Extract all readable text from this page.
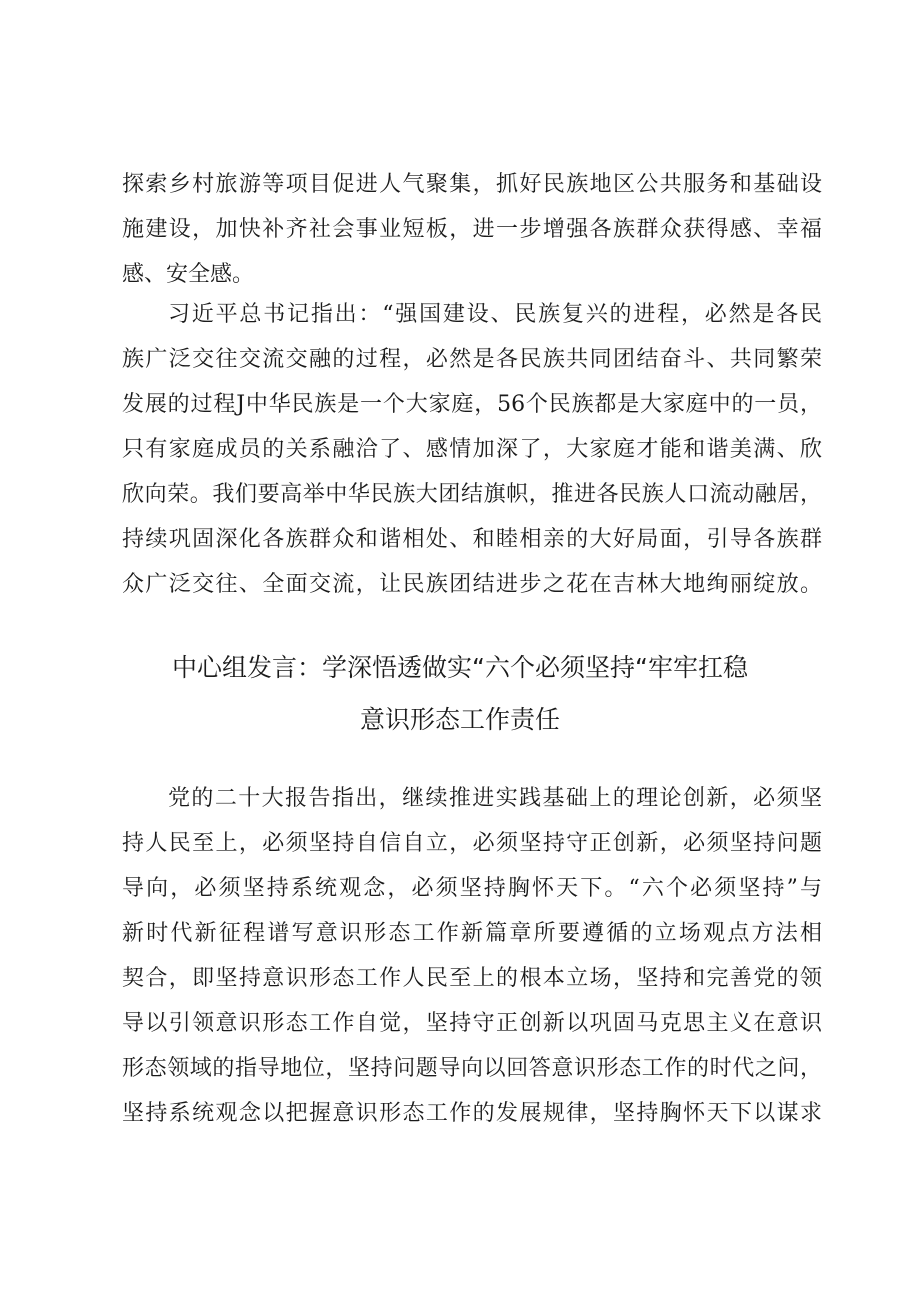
探索乡村旅游等项目促进人气聚集，抓好民族地区公共服务和基础设
施建设，加快补齐社会事业短板，进一步增强各族群众获得感、幸福
感、安全感。

习近平总书记指出：“强国建设、民族复兴的进程，必然是各民
族广泛交往交流交融的过程，必然是各民族共同团结奋斗、共同繁荣
发展的过程J中华民族是一个大家庭，56个民族都是大家庭中的一员，
只有家庭成员的关系融洽了、感情加深了，大家庭才能和谐美满、欣
欣向荣。我们要高举中华民族大团结旗帜，推进各民族人口流动融居，
持续巩固深化各族群众和谐相处、和睦相亲的大好局面，引导各族群
众广泛交往、全面交流，让民族团结进步之花在吉林大地绚丽绽放。

中心组发言：学深悟透做实“六个必须坚持“牢牢扛稳
意识形态工作责任

党的二十大报告指出，继续推进实践基础上的理论创新，必须坚
持人民至上，必须坚持自信自立，必须坚持守正创新，必须坚持问题
导向，必须坚持系统观念，必须坚持胸怀天下。“六个必须坚持”与
新时代新征程谱写意识形态工作新篇章所要遵循的立场观点方法相
契合，即坚持意识形态工作人民至上的根本立场，坚持和完善党的领
导以引领意识形态工作自觉，坚持守正创新以巩固马克思主义在意识
形态领域的指导地位，坚持问题导向以回答意识形态工作的时代之问，
坚持系统观念以把握意识形态工作的发展规律，坚持胸怀天下以谋求
